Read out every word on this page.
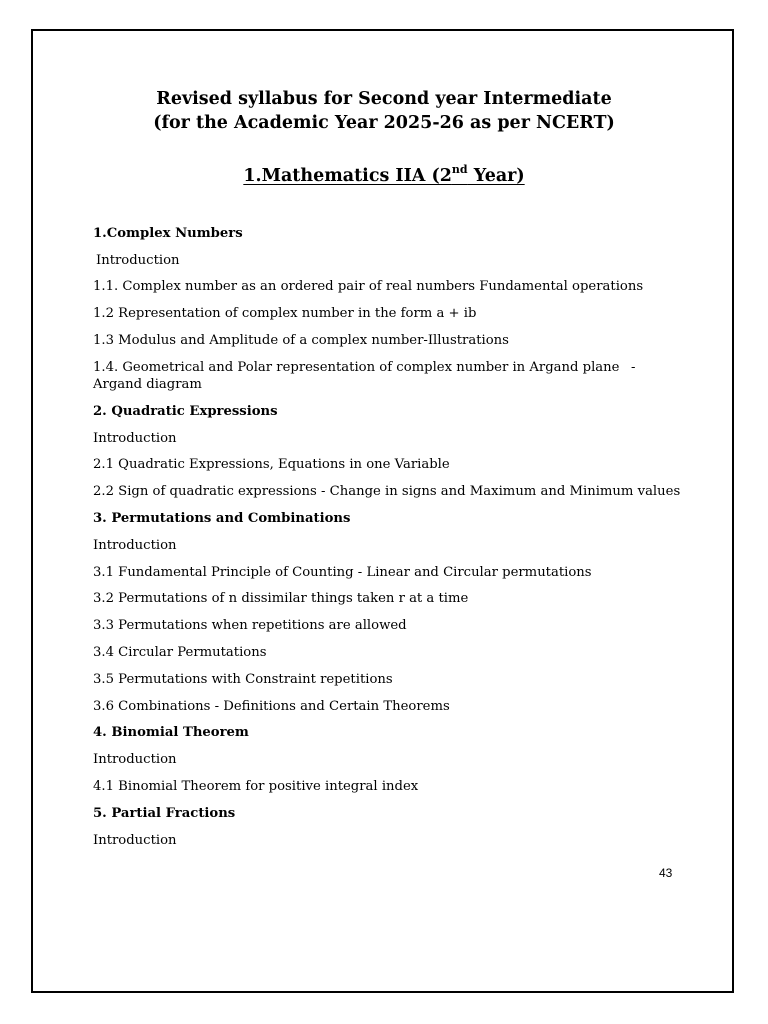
Revised syllabus for Second year Intermediate
(for the Academic Year 2025-26 as per NCERT)
1.Mathematics IIA (2nd Year)
1.Complex Numbers
Introduction
1.1. Complex number as an ordered pair of real numbers Fundamental operations
1.2 Representation of complex number in the form a + ib
1.3 Modulus and Amplitude of a complex number-Illustrations
1.4. Geometrical and Polar representation of complex number in Argand plane -
Argand diagram
2. Quadratic Expressions
Introduction
2.1 Quadratic Expressions, Equations in one Variable
2.2 Sign of quadratic expressions - Change in signs and Maximum and Minimum values
3. Permutations and Combinations
Introduction
3.1 Fundamental Principle of Counting - Linear and Circular permutations
3.2 Permutations of n dissimilar things taken r at a time
3.3 Permutations when repetitions are allowed
3.4 Circular Permutations
3.5 Permutations with Constraint repetitions
3.6 Combinations - Definitions and Certain Theorems
4. Binomial Theorem
Introduction
4.1 Binomial Theorem for positive integral index
5. Partial Fractions
Introduction
43
